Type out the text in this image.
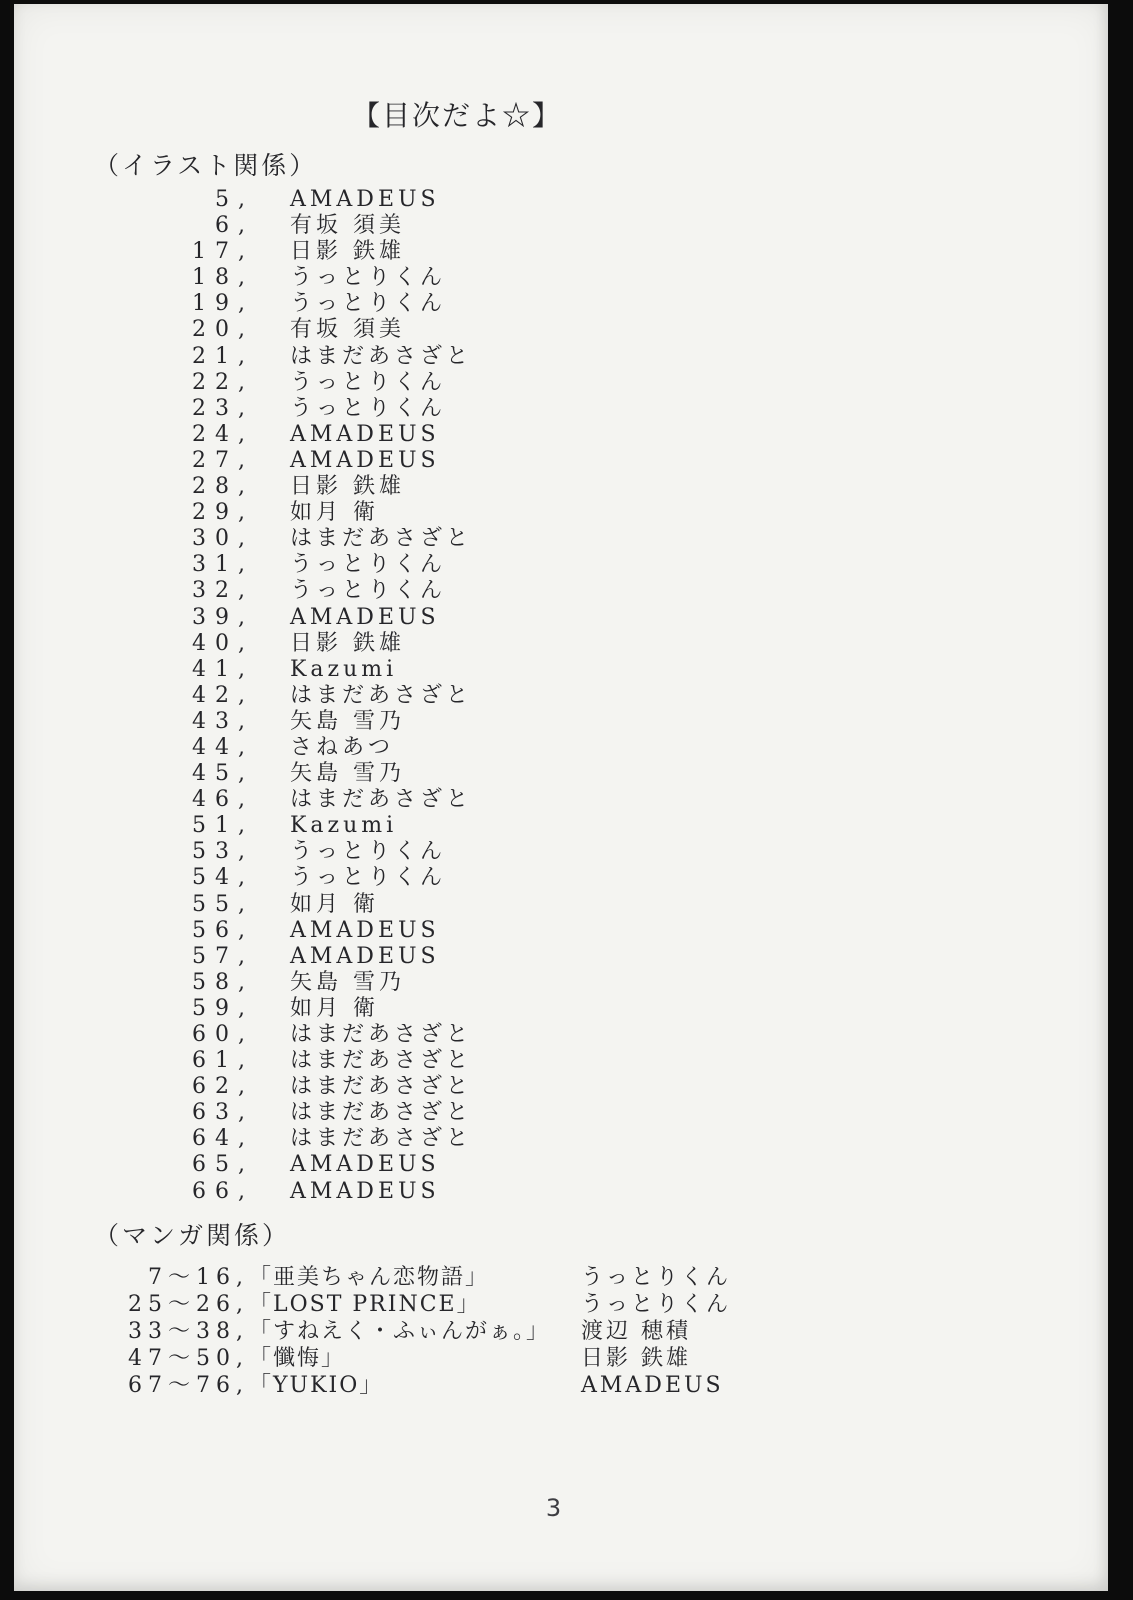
【目次だよ☆】
（イラスト関係）
5, AMADEUS
6, 有坂 須美
17, 日影 鉄雄
18, うっとりくん
19, うっとりくん
20, 有坂 須美
21, はまだあさざと
22, うっとりくん
23, うっとりくん
24, AMADEUS
27, AMADEUS
28, 日影 鉄雄
29, 如月 衛
30, はまだあさざと
31, うっとりくん
32, うっとりくん
39, AMADEUS
40, 日影 鉄雄
41, Kazumi
42, はまだあさざと
43, 矢島 雪乃
44, さねあつ
45, 矢島 雪乃
46, はまだあさざと
51, Kazumi
53, うっとりくん
54, うっとりくん
55, 如月 衛
56, AMADEUS
57, AMADEUS
58, 矢島 雪乃
59, 如月 衛
60, はまだあさざと
61, はまだあさざと
62, はまだあさざと
63, はまだあさざと
64, はまだあさざと
65, AMADEUS
66, AMADEUS
（マンガ関係）
7～16, 「亜美ちゃん恋物語」	うっとりくん
25～26, 「LOST PRINCE」	うっとりくん
33～38, 「すねえく・ふぃんがぁ。」	渡辺 穂積
47～50, 「懺悔」	日影 鉄雄
67～76, 「YUKIO」	AMADEUS
3
